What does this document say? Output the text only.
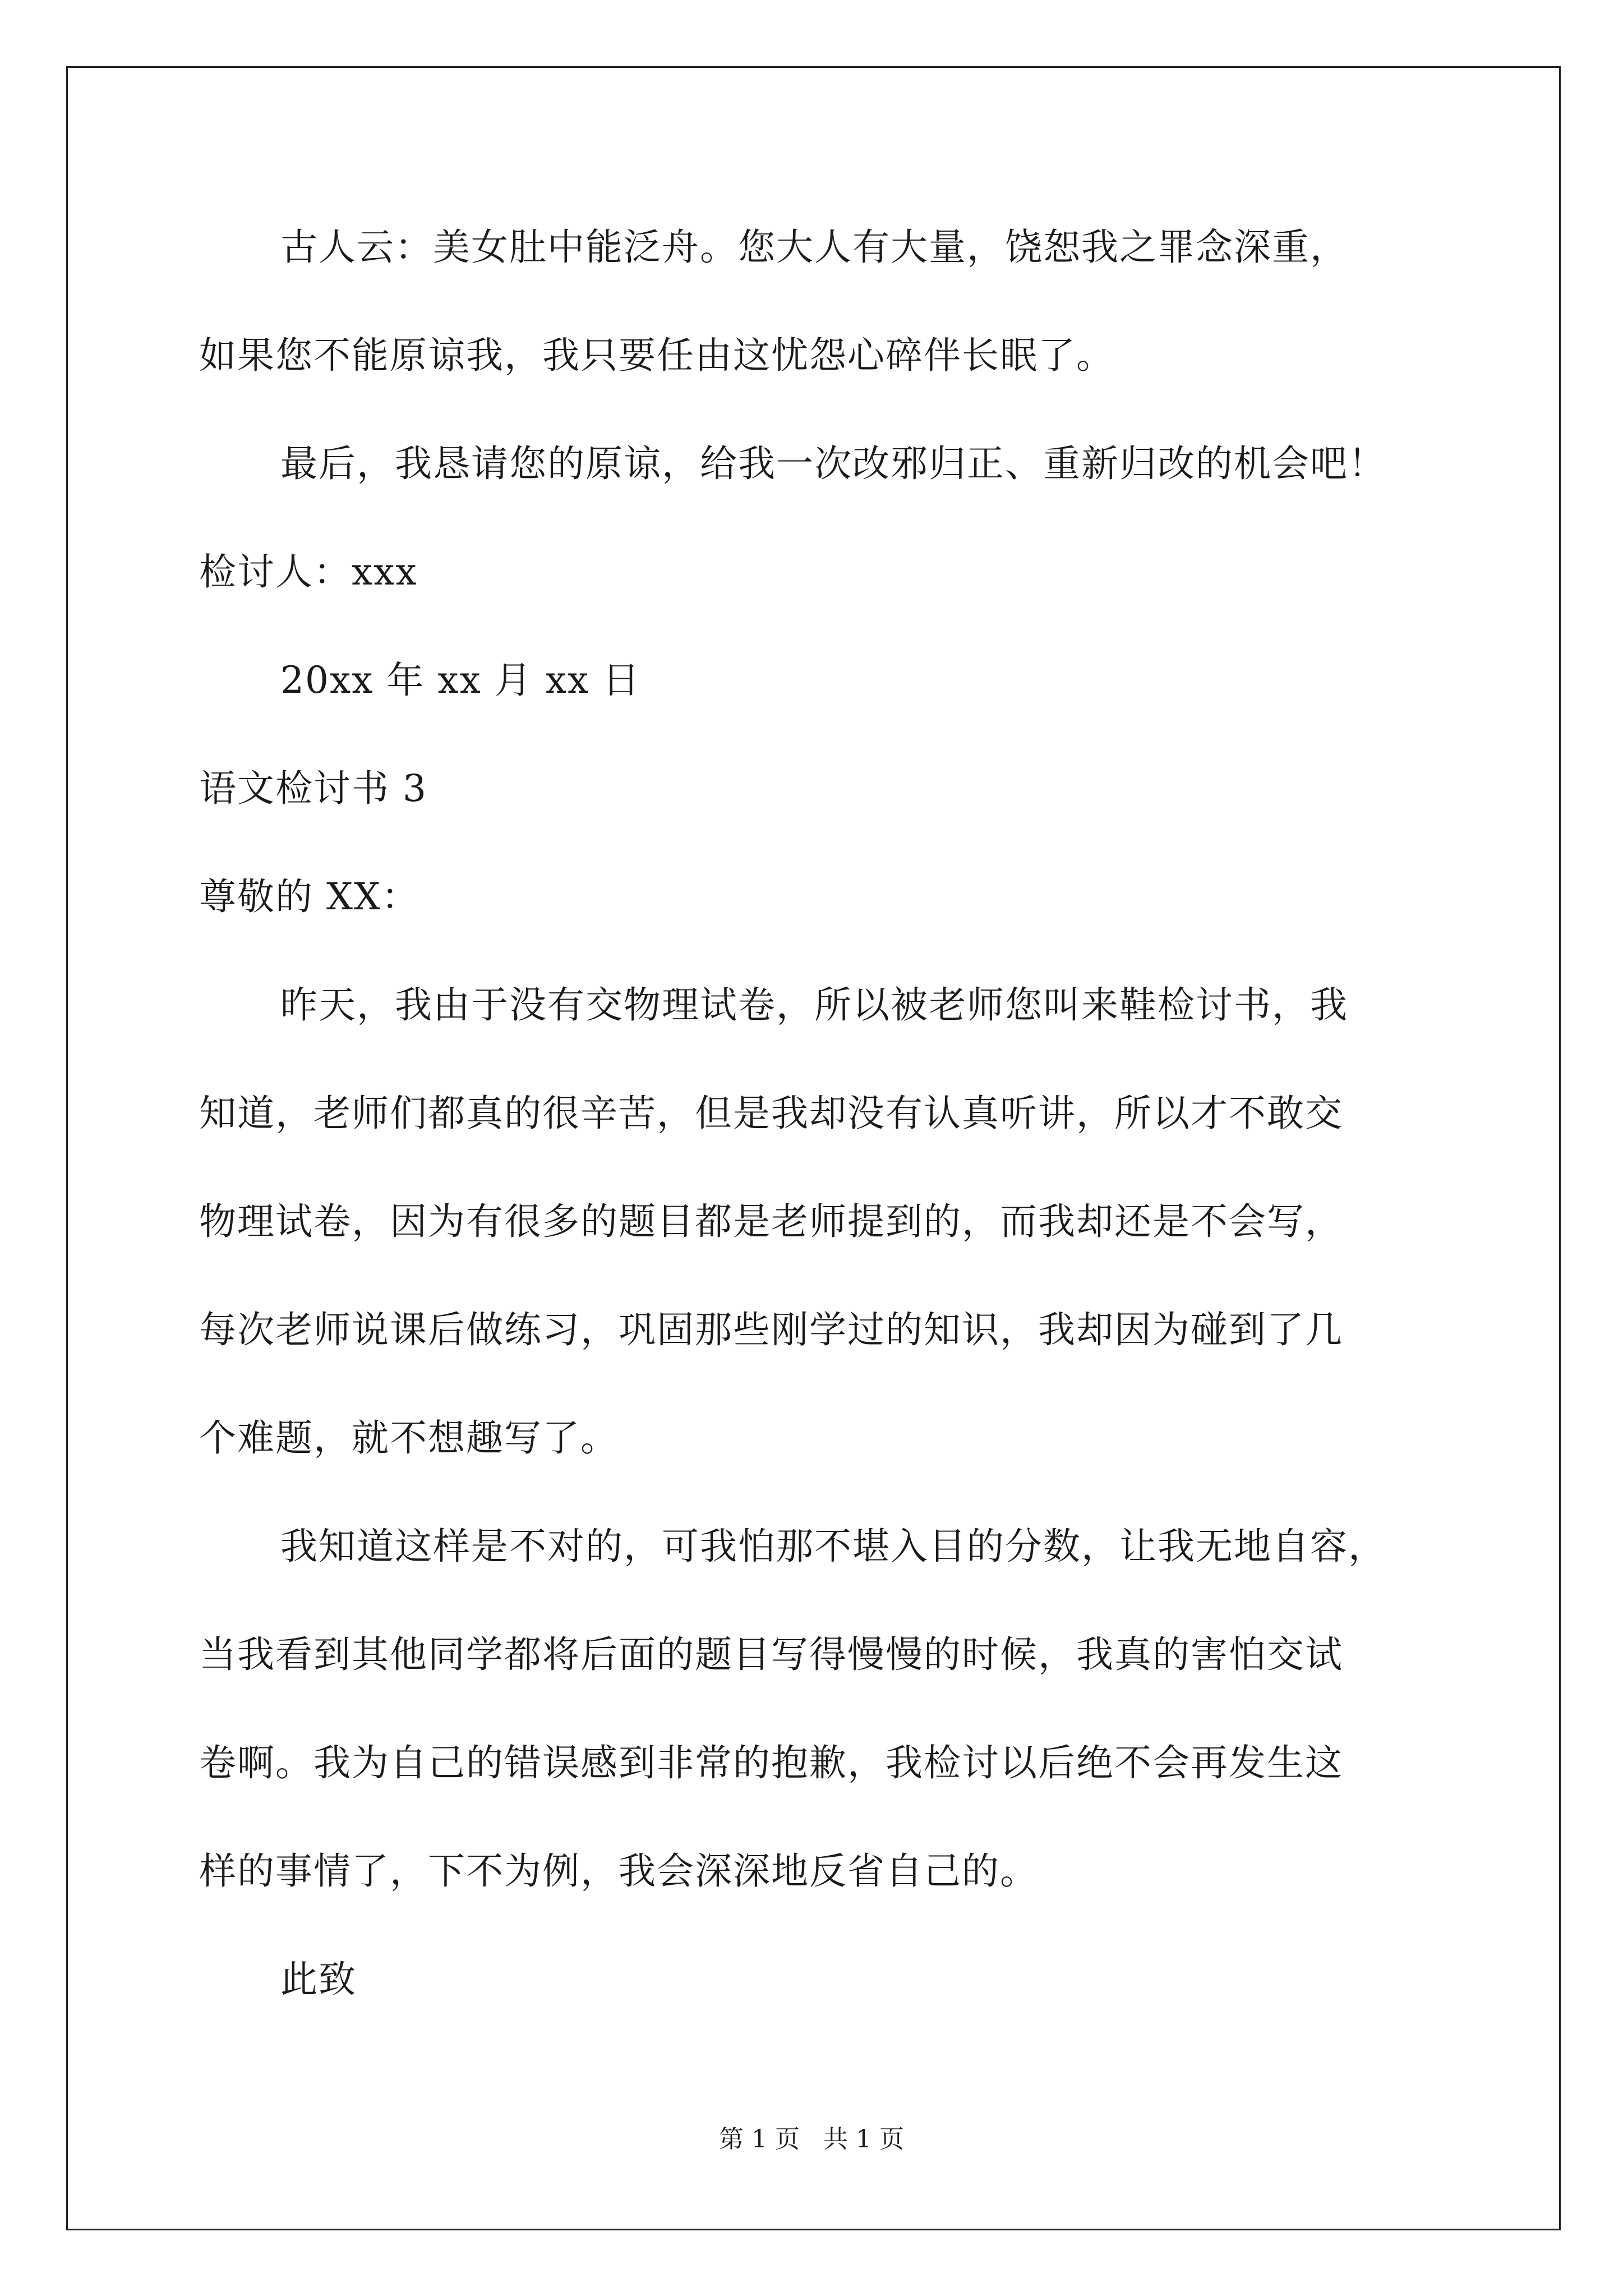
古人云：美女肚中能泛舟。您大人有大量，饶恕我之罪念深重，
如果您不能原谅我，我只要任由这忧怨心碎伴长眠了。
最后，我恳请您的原谅，给我一次改邪归正、重新归改的机会吧！
检讨人：xxx
20xx 年 xx 月 xx 日
语文检讨书 3
尊敬的 XX：
昨天，我由于没有交物理试卷，所以被老师您叫来鞋检讨书，我
知道，老师们都真的很辛苦，但是我却没有认真听讲，所以才不敢交
物理试卷，因为有很多的题目都是老师提到的，而我却还是不会写，
每次老师说课后做练习，巩固那些刚学过的知识，我却因为碰到了几
个难题，就不想趣写了。
我知道这样是不对的，可我怕那不堪入目的分数，让我无地自容，
当我看到其他同学都将后面的题目写得慢慢的时候，我真的害怕交试
卷啊。我为自己的错误感到非常的抱歉，我检讨以后绝不会再发生这
样的事情了，下不为例，我会深深地反省自己的。
此致
第 1 页 共 1 页
